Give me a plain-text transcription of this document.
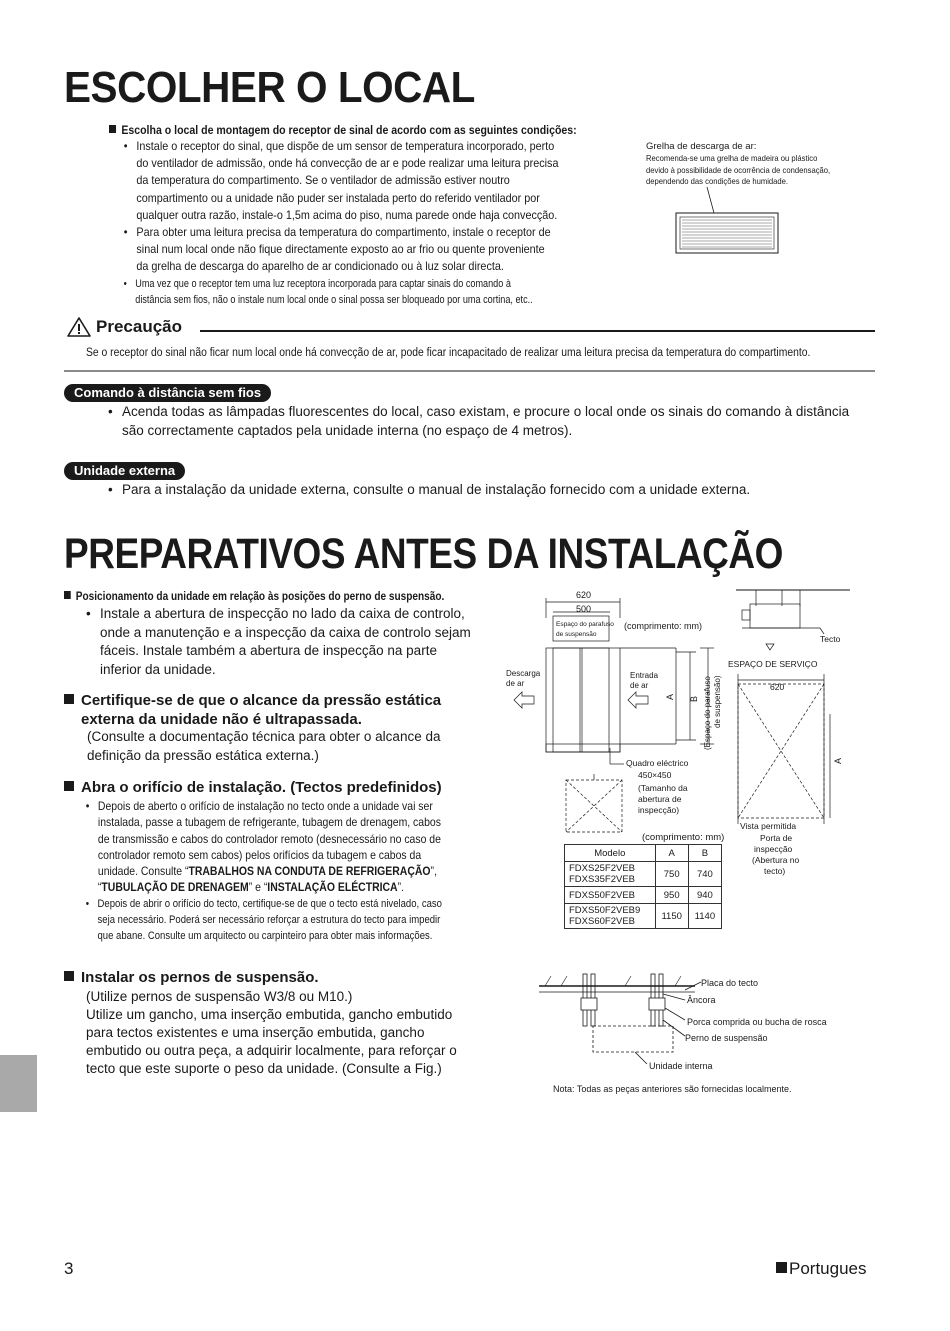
ESCOLHER O LOCAL
Escolha o local de montagem do receptor de sinal de acordo com as seguintes condições:
• Instale o receptor do sinal, que dispõe de um sensor de temperatura incorporado, perto
do ventilador de admissão, onde há convecção de ar e pode realizar uma leitura precisa
da temperatura do compartimento. Se o ventilador de admissão estiver noutro
compartimento ou a unidade não puder ser instalada perto do referido ventilador por
qualquer outra razão, instale-o 1,5m acima do piso, numa parede onde haja convecção.
• Para obter uma leitura precisa da temperatura do compartimento, instale o receptor de
sinal num local onde não fique directamente exposto ao ar frio ou quente proveniente
da grelha de descarga do aparelho de ar condicionado ou à luz solar directa.
• Uma vez que o receptor tem uma luz receptora incorporada para captar sinais do comando à
distância sem fios, não o instale num local onde o sinal possa ser bloqueado por uma cortina, etc..
Grelha de descarga de ar:
Recomenda-se uma grelha de madeira ou plástico
devido à possibilidade de ocorrência de condensação,
dependendo das condições de humidade.
Precaução
Se o receptor do sinal não ficar num local onde há convecção de ar, pode ficar incapacitado de realizar uma leitura precisa da temperatura do compartimento.
Comando à distância sem fios
• Acenda todas as lâmpadas fluorescentes do local, caso existam, e procure o local onde os sinais do comando à distância
são correctamente captados pela unidade interna (no espaço de 4 metros).
Unidade externa
• Para a instalação da unidade externa, consulte o manual de instalação fornecido com a unidade externa.
PREPARATIVOS ANTES DA INSTALAÇÃO
Posicionamento da unidade em relação às posições do perno de suspensão.
• Instale a abertura de inspecção no lado da caixa de controlo,
onde a manutenção e a inspecção da caixa de controlo sejam
fáceis. Instale também a abertura de inspecção na parte
inferior da unidade.
Certifique-se de que o alcance da pressão estática
externa da unidade não é ultrapassada.
(Consulte a documentação técnica para obter o alcance da
definição da pressão estática externa.)
Abra o orifício de instalação. (Tectos predefinidos)
• Depois de aberto o orifício de instalação no tecto onde a unidade vai ser
instalada, passe a tubagem de refrigerante, tubagem de drenagem, cabos
de transmissão e cabos do controlador remoto (desnecessário no caso de
controlador remoto sem cabos) pelos orifícios da tubagem e cabos da
unidade. Consulte “TRABALHOS NA CONDUTA DE REFRIGERAÇÃO”,
“TUBULAÇÃO DE DRENAGEM” e “INSTALAÇÃO ELÉCTRICA”.
• Depois de abrir o orifício do tecto, certifique-se de que o tecto está nivelado, caso
seja necessário. Poderá ser necessário reforçar a estrutura do tecto para impedir
que abane. Consulte um arquitecto ou carpinteiro para obter mais informações.
Instalar os pernos de suspensão.
(Utilize pernos de suspensão W3/8 ou M10.)
Utilize um gancho, uma inserção embutida, gancho embutido
para tectos existentes e uma inserção embutida, gancho
embutido ou outra peça, a adquirir localmente, para reforçar o
tecto que este suporte o peso da unidade. (Consulte a Fig.)
620
500
Espaço do parafuso
de suspensão
(comprimento: mm)
Descarga
de ar
Entrada
de ar
A B (Espaço do parafuso de suspensão)
Quadro eléctrico
450×450
(Tamanho da
abertura de
inspecção)
Tecto
ESPAÇO DE SERVIÇO
620
A
Vista permitida
Porta de
inspecção
(Abertura no
tecto)
(comprimento: mm)
Modelo	A	B

FDXS25F2VEB
FDXS35F2VEB	750	740
FDXS50F2VEB	950	940

FDXS50F2VEB9
FDXS60F2VEB	1150	1140
Placa do tecto
Âncora
Porca comprida ou bucha de rosca
Perno de suspensão
Unidade interna
Nota: Todas as peças anteriores são fornecidas localmente.
3	Portugues
